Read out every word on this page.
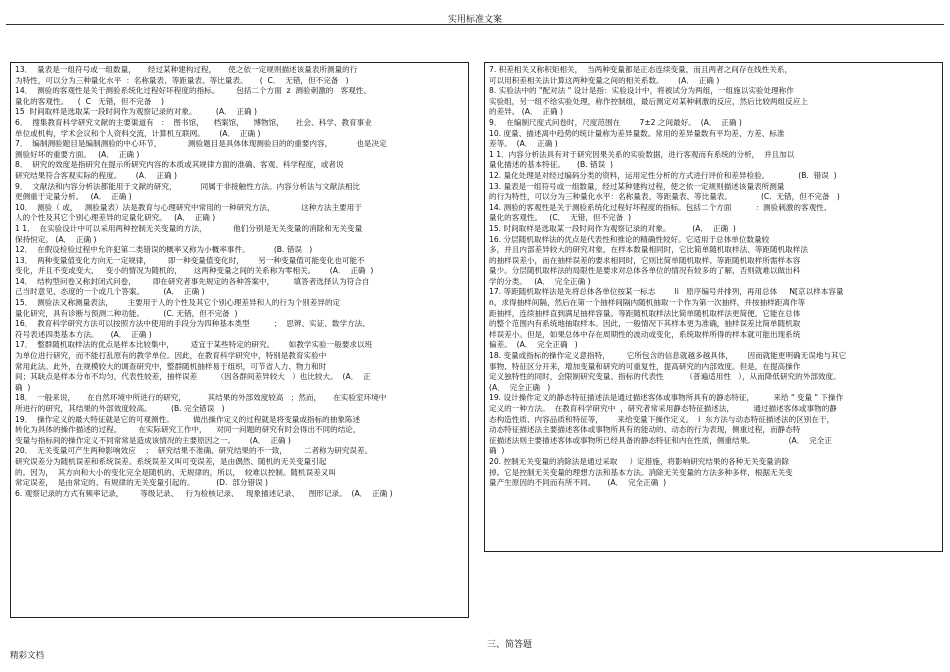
实用标准文案
13．  量表是一组符号或一组数量，     经过某种建构过程，     使之依一定规则描述该量表所测量的行
为特性，可以分为三种量化水平  ：名称量表、等距量表、等比量表。     (  C．  无错，但不完备   )
14．  测验的客观性是关于测验系统化过程好坏程度的指标。       包括二个方面  z  测验刺激的   客观性、
量化的客观性。    (  C   无错，但不完备    )
15  时间取样是选取某一段时间作为观察记录的对象。        (A．  正确 )
6．  搜集教育科学研究文献的主要渠道有   ：  图书馆，    档案馆，    博物馆，     社会、科学、教育事业
单位或机构，学术会议和个人资料交流，计算机互联网。      (A．  正确 )
7．  编制测验题目是编制测验的中心环节，           测验题目是具体体现测验目的的重要内容，          也是决定
测验好坏的重要方面。   (A．  正确 )
8．  研究的效度是指研究在提示所研究内容的本质或其规律方面的准确、客观、科学程度，或者说
研究结果符合客观实际的程度。      (A．  正确 )
9．  文献法和内容分析法都能用于文献的研究，          同属于非接触性方法。内容分析法与文献法相比
更侧重于定量分析。   (A．  正确 )
10．  测验（ 或，   测验量表）法是教育与心理研究中常用的一种研究方法，           这种方法主要用于
人的个性及其它个别心理差异的定量化研究。   (A．  正确 )
1 1．  在实验设计中可以采用两种控制无关变量的方法，           他们分别是无关变量的消除和无关变量
保持恒定。 (A．  正确 )
12．  在假设检验过程中允许犯第二类错误的概率又称为小概率事件。          (B. 错误   )
13．  两种变量值变化方向无一定规律，       即一种变量值变化时，      另一种变量值可能变化也可能不
变化，并且不变或变大、   变小的情况为随机的，     这两种变量之间的关系称为零相关。      (A．  正确  )
14．  结构型问卷又称封闭式问卷，       即在研究者事先规定的各种答案中，        填答者选择认为符合自
己当时意见、态度的一个或几个答案。        (A．  正确 )
15．  测验法又称测量表法，      主要用于人的个性及其它个别心理差异和人的行为个别差异的定
量化研究，具有诊断与预测二种功能。        (C. 无错，但不完备  )
16．  教育科学研究方法可以按照方法中使用的手段分为四种基本类型          ；  思辨、实证、数学方法、
符号表述四类基本方法。     (A．  正确 )
17．  整群随机取样法的优点是样本比较集中，       适宜于某些特定的研究。      如教学实验一般要求以班
为单位进行研究，而不能打乱原有的教学单位。因此，在教育科学研究中，特别是教育实验中
常用此法。此外，在规模较大的调查研究中，整群随机抽样易于组织，可节省人力、物力和时
间；其缺点是样本分布不均匀，代表性较差，抽样误差        （因各群间差异较大   ）也比较大。  (A．  正
确  )
18．  一般来说，     在自然环境中所进行的研究，         其结果的外部效度较高   ；然而，     在实验室环境中
所进行的研究，其结果的外部效度较高。        (B. 完全错误   )
19．  操作定义的最大特征就是它的可观测性。        做出操作定义的过程就是将变量或指标的抽象陈述
转化为具体的操作描述的过程。       在实际研究工作中，    对同一问题的研究有时会得出不同的结论，
变量与指标间的操作定义不同常常是造成该情况的主要原因之一。      (A．  正确 )
20．  无关变量可产生两种影响效应    ；  研究结果不准确、研究结果的不一致，       二者称为研究误差。
研究误差分为随机误差和系统误差。系统误差又叫可变误差，是由偶然、随机的无关变量引起
的。因为，  其方向和大小的变化完全是随机的、无规律的，所以，  较难以控制。随机误差又叫
常定误差，  是由常定的、有规律的无关变量引起的。         (D.  部分错误 )
6. 观察记录的方式有频率记录，       等级记录、   行为检核记录、   现象描述记录、    图形记录。  (A．  正确 )
7. 积差相关又称积矩相关，  当两种变量都是正态连续变量，而且两者之间存在线性关系，
可以用积差相关法计算这两种变量之间的相关系数。      (A．  正确 )
8. 实验法中的 "配对法 " 设计是指：实验设计中，将被试分为两组，一组施以实验处理称作
实验组，另一组不给实验处理，称作控制组，最后测定对某种刺激的反应，然后比较两组反应上
的差异。 (A．  正确 )
9．  在编制尺度式问卷时，尺度范围在        7±2 之间最好。  (A．  正确 )
10. 度量、描述离中趋势的统计量称为差异量数。常用的差异量数有平均差、方差、标准
差等。  (A．  正确 )
1 1．内容分析法具有对于研究因果关系的实验数据，进行客观而有系统的分析，  并且加以
量化描述的基本特征。     (B. 错误  )
12. 量化处理是对经过编码分类的资料，运用定性分析的方式进行评价和差异检验。            (B.  错误  )
13. 量表是一组符号或一组数量，经过某种建构过程，使之依一定规则描述该量表所测量
的行为特性，可以分为三种量化水平：名称量表、等距量表、等比量表。            (C.  无错，但不完备   )
14. 测验的客观性是关于测验系统化过程好坏程度的指标。包括二个方面          ：测验刺激的客观性、
量化的客观性。   (C．  无错，但不完备  )
15. 时间取样是选取某一段时间作为观察记录的对象。         (A．  正确  )
16. 分层随机取样法的优点是代表性和推论的精确性较好。它适用于总体单位数量较
多，并且内部差异较大的研究对象，在样本数量相同时，它比简单随机取样法、等距随机取样法
的抽样误差小，而在抽样误差的要求相同时，它则比简单随机取样、等距随机取样所需样本容
量少。分层随机取样法的局限性是要求对总体各单位的情况有较多的了解，否则就难以做出科
学的分类。   (A．  完全正确 )
17. 等距随机取样法是先将总体各单位按某一标志        li   原序编号并排列，再用总体     N[京以样本容量
n，求得抽样间隔，然后在第一个抽样间隔内随机抽取一个作为第一次抽样，并按抽样距离作等
距抽样，连续抽样直到满足抽样容量。等距随机取样法比简单随机取样法更简便，它能在总体
的整个范围内有系统地抽取样本。因此，一般情况下其样本更为准确，抽样误差比简单随机取
样误差小。但是，如果总体中存在周期性的波动或变化，系统取样所得的样本就可能出现系统
偏差。  (A．  完全正确   )
18. 变量或指标的操作定义意指特，       它所包含的信息就越多越具体，      因而就能更明确无误地与其它
事物、特征区分开来，增加变量和研究的可重复性，提高研究的内部效度。但是，在提高操作
定义独特性的同时，会限制研究变量、指标的代表性         （普遍适用性   ），从而降低研究的外部效度。
(A．  完全正确   )
19. 设计操作定义的静态特征描述法是通过描述客体或事物所具有的静态特征，        来给 " 变量 " 下操作
定义的一种方法。  在教育科学研究中  ，研究者常采用静态特征描述法，        通过描述客体或事物的静
态构造性质、内容品质和特征等，      来给变量下操作定义。  i  东方法与动态特征描述法的区别在于，
动态特征描述法主要描述客体或事物所具有的能动的、动态的行为表现，侧重过程，而静态特
征描述法则主要描述客体或事物所已经具备的静态特征和内在性质，侧重结果。              (A．  完全正
确  )
20. 控制无关变量的消除法是通过采取     ）定措施，将影响研究结果的各种无关变量消除
掉。它是控制无关变量的理想方法和基本方法。消除无关变量的方法多种多样，根据无关变
量产生原因的不同而有所不同。     (A．  完全正确  )
三、简答题
精彩文档
